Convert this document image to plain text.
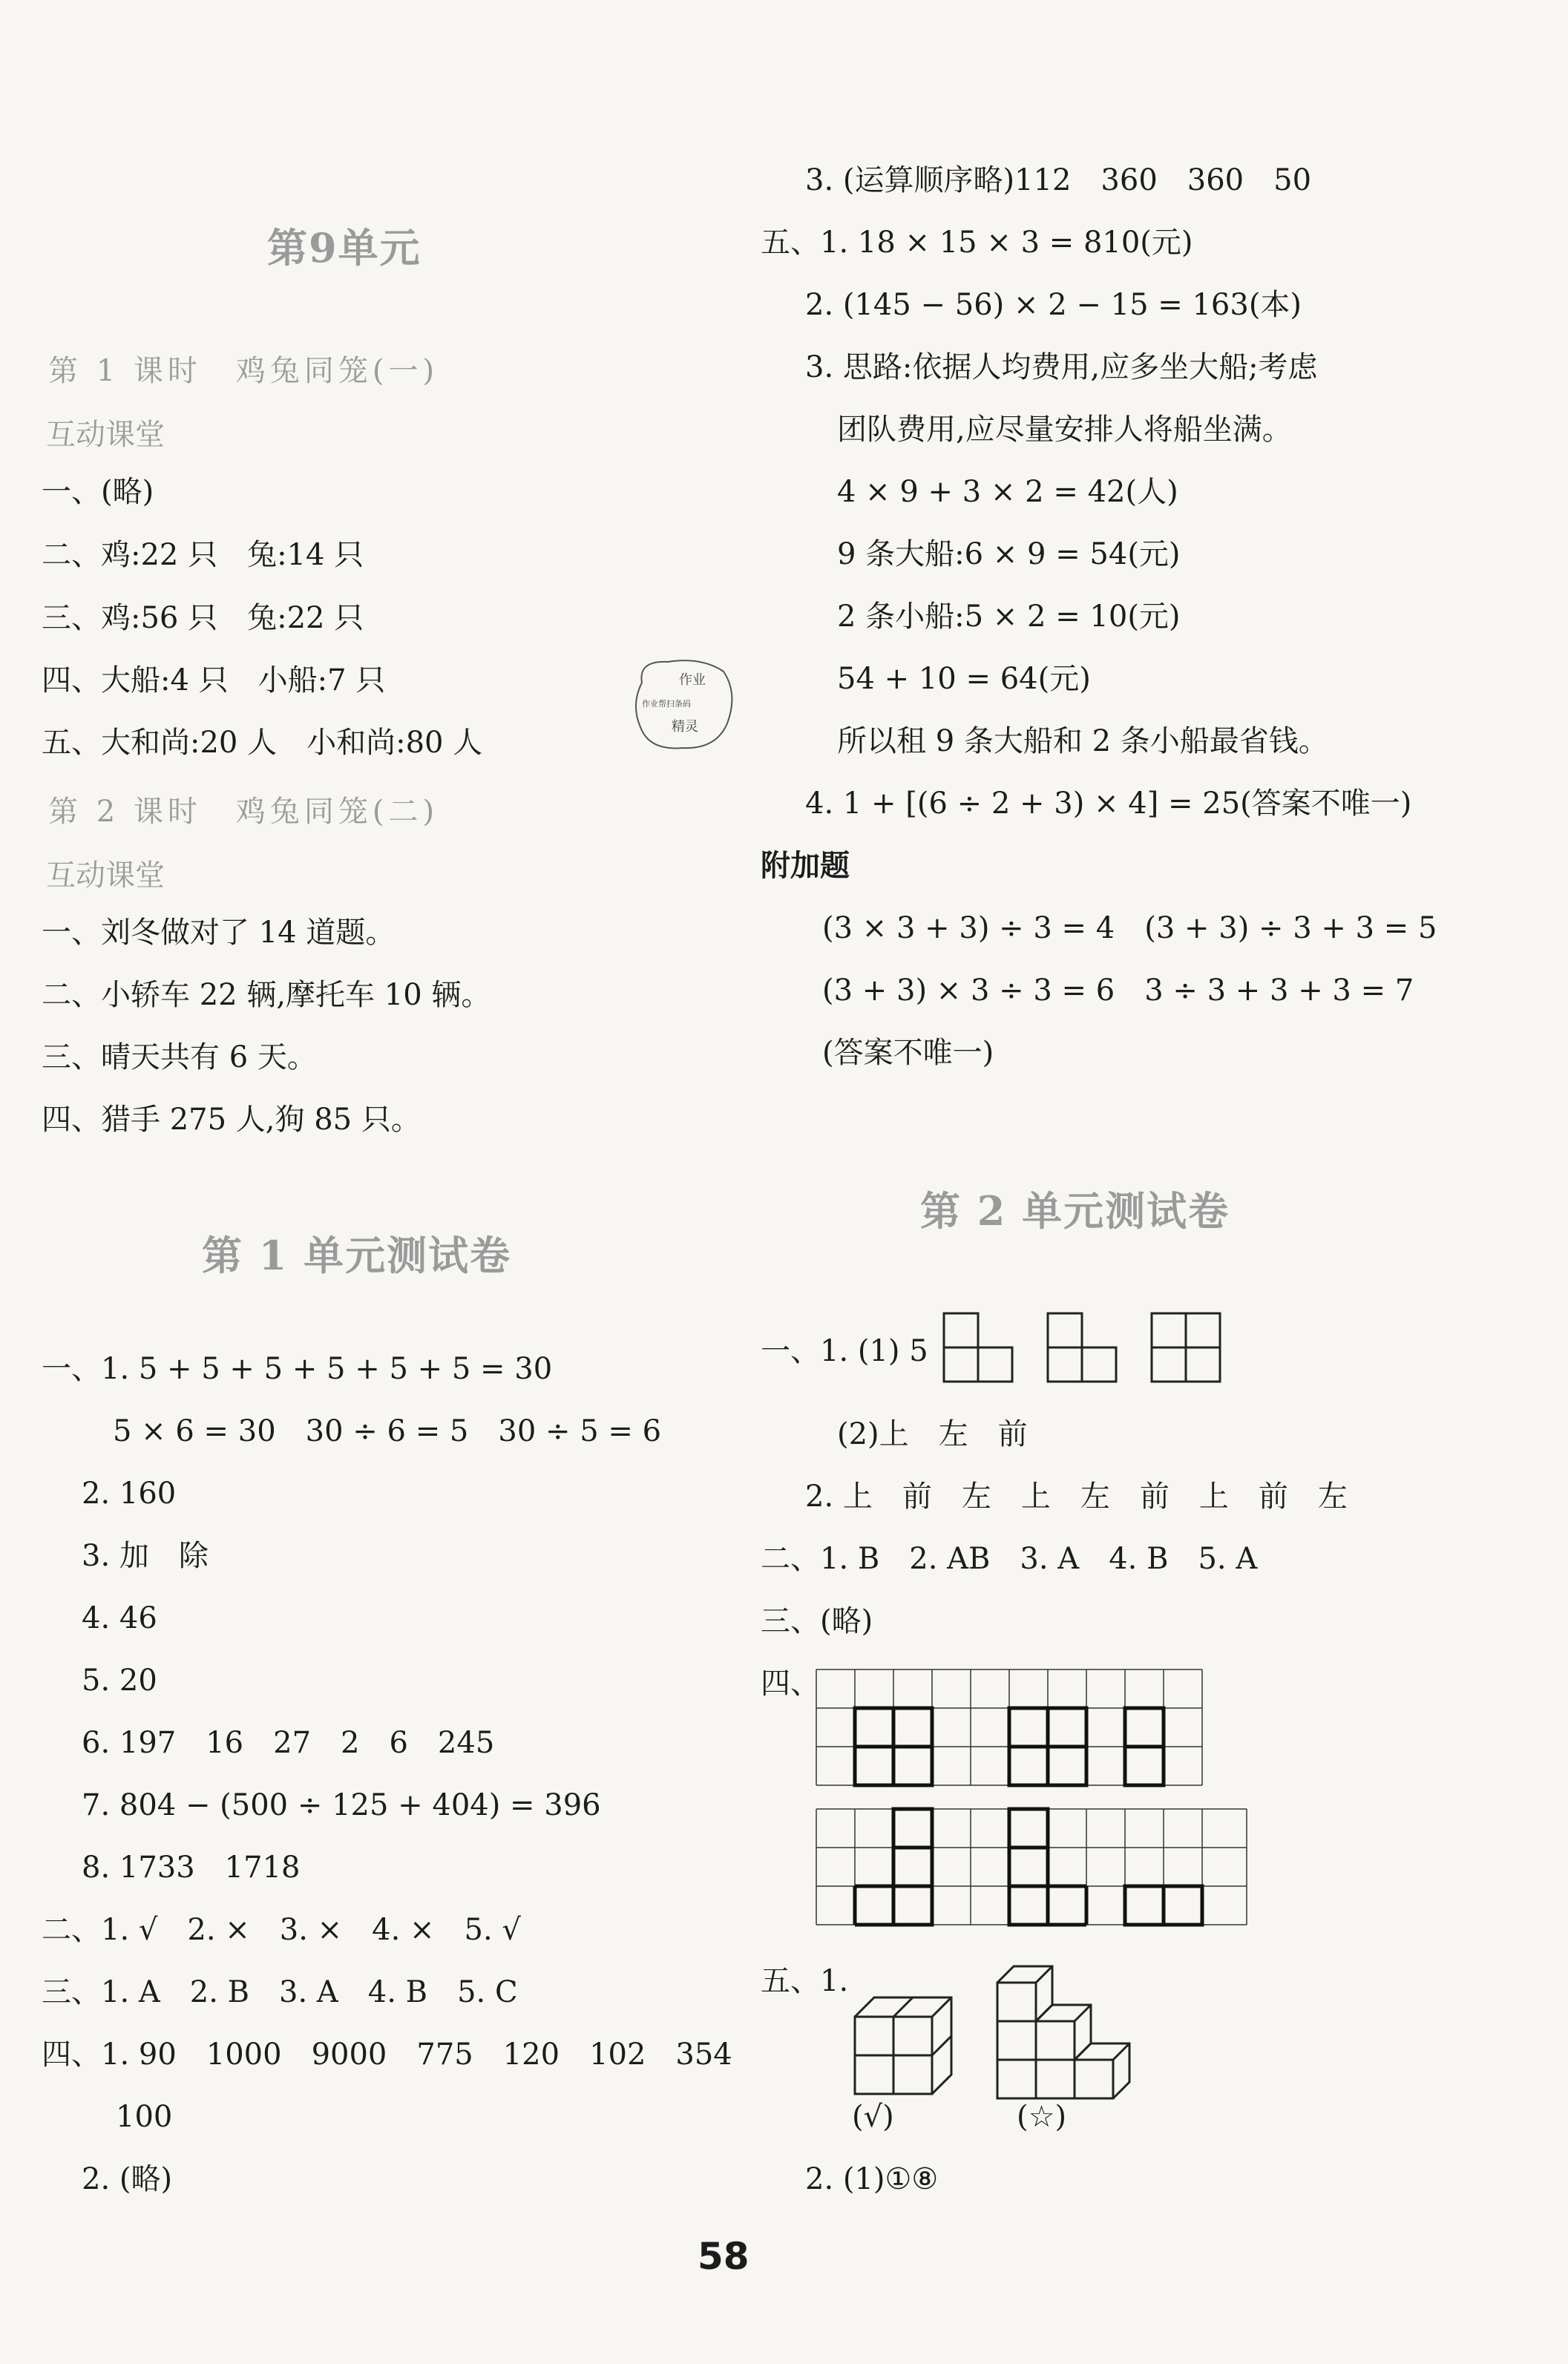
第9单元
第 1 课时　鸡兔同笼(一)
互动课堂
一、(略)
二、鸡:22 只　兔:14 只
三、鸡:56 只　兔:22 只
四、大船:4 只　小船:7 只
五、大和尚:20 人　小和尚:80 人
第 2 课时　鸡兔同笼(二)
互动课堂
一、刘冬做对了 14 道题。
二、小轿车 22 辆,摩托车 10 辆。
三、晴天共有 6 天。
四、猎手 275 人,狗 85 只。
第 1 单元测试卷
一、1. 5 + 5 + 5 + 5 + 5 + 5 = 30
5 × 6 = 30　30 ÷ 6 = 5　30 ÷ 5 = 6
2. 160
3. 加　除
4. 46
5. 20
6. 197　16　27　2　6　245
7. 804 − (500 ÷ 125 + 404) = 396
8. 1733　1718
二、1. √　2. ×　3. ×　4. ×　5. √
三、1. A　2. B　3. A　4. B　5. C
四、1. 90　1000　9000　775　120　102　354
100
2. (略)
作业
作业帮扫条码
精灵
3. (运算顺序略)112　360　360　50
五、1. 18 × 15 × 3 = 810(元)
2. (145 − 56) × 2 − 15 = 163(本)
3. 思路:依据人均费用,应多坐大船;考虑
团队费用,应尽量安排人将船坐满。
4 × 9 + 3 × 2 = 42(人)
9 条大船:6 × 9 = 54(元)
2 条小船:5 × 2 = 10(元)
54 + 10 = 64(元)
所以租 9 条大船和 2 条小船最省钱。
4. 1 + [(6 ÷ 2 + 3) × 4] = 25(答案不唯一)
附加题
(3 × 3 + 3) ÷ 3 = 4　(3 + 3) ÷ 3 + 3 = 5
(3 + 3) × 3 ÷ 3 = 6　3 ÷ 3 + 3 + 3 = 7
(答案不唯一)
第 2 单元测试卷
一、1. (1) 5
(2)上　左　前
2. 上　前　左　上　左　前　上　前　左
二、1. B　2. AB　3. A　4. B　5. A
三、(略)
四、
五、1.
(√)	(☆)
2. (1)①⑧
58
